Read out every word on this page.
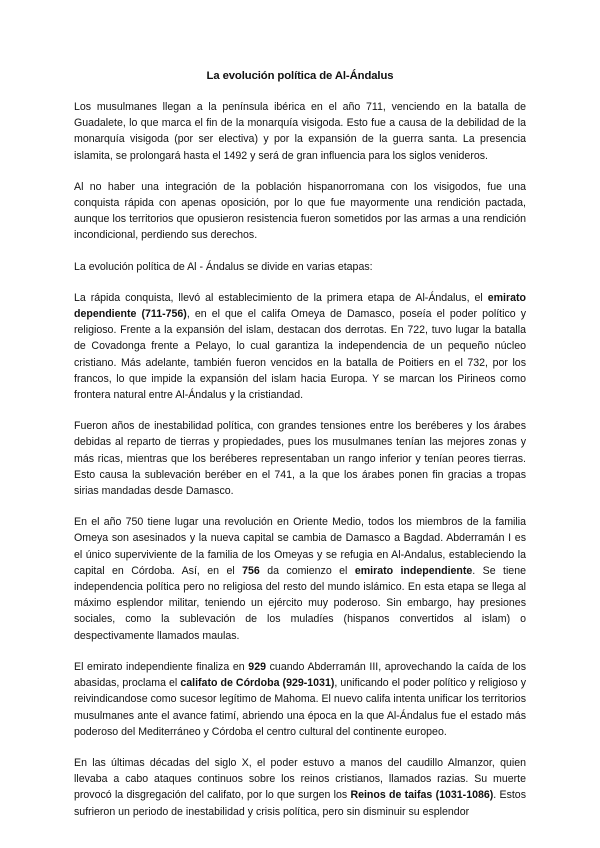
La evolución política de Al-Ándalus

Los musulmanes llegan a la península ibérica en el año 711, venciendo en la batalla de Guadalete, lo que marca el fin de la monarquía visigoda. Esto fue a causa de la debilidad de la monarquía visigoda (por ser electiva) y por la expansión de la guerra santa. La presencia islamita, se prolongará hasta el 1492 y será de gran influencia para los siglos venideros.

Al no haber una integración de la población hispanorromana con los visigodos, fue una conquista rápida con apenas oposición, por lo que fue mayormente una rendición pactada, aunque los territorios que opusieron resistencia fueron sometidos por las armas a una rendición incondicional, perdiendo sus derechos.

La evolución política de Al - Ándalus se divide en varias etapas:

La rápida conquista, llevó al establecimiento de la primera etapa de Al-Ándalus, el emirato dependiente (711-756), en el que el califa Omeya de Damasco, poseía el poder político y religioso. Frente a la expansión del islam, destacan dos derrotas. En 722, tuvo lugar la batalla de Covadonga frente a Pelayo, lo cual garantiza la independencia de un pequeño núcleo cristiano. Más adelante, también fueron vencidos en la batalla de Poitiers en el 732, por los francos, lo que impide la expansión del islam hacia Europa. Y se marcan los Pirineos como frontera natural entre Al-Ándalus y la cristiandad.

Fueron años de inestabilidad política, con grandes tensiones entre los beréberes y los árabes debidas al reparto de tierras y propiedades, pues los musulmanes tenían las mejores zonas y más ricas, mientras que los beréberes representaban un rango inferior y tenían peores tierras. Esto causa la sublevación beréber en el 741, a la que los árabes ponen fin gracias a tropas sirias mandadas desde Damasco.

En el año 750 tiene lugar una revolución en Oriente Medio, todos los miembros de la familia Omeya son asesinados y la nueva capital se cambia de Damasco a Bagdad. Abderramán I es el único superviviente de la familia de los Omeyas y se refugia en Al-Andalus, estableciendo la capital en Córdoba. Así, en el 756 da comienzo el emirato independiente. Se tiene independencia política pero no religiosa del resto del mundo islámico. En esta etapa se llega al máximo esplendor militar, teniendo un ejército muy poderoso. Sin embargo, hay presiones sociales, como la sublevación de los muladíes (hispanos convertidos al islam) o despectivamente llamados maulas.

El emirato independiente finaliza en 929 cuando Abderramán III, aprovechando la caída de los abasidas, proclama el califato de Córdoba (929-1031), unificando el poder político y religioso y reivindicandose como sucesor legítimo de Mahoma. El nuevo califa intenta unificar los territorios musulmanes ante el avance fatimí, abriendo una época en la que Al-Ándalus fue el estado más poderoso del Mediterráneo y Córdoba el centro cultural del continente europeo.

En las últimas décadas del siglo X, el poder estuvo a manos del caudillo Almanzor, quien llevaba a cabo ataques continuos sobre los reinos cristianos, llamados razias. Su muerte provocó la disgregación del califato, por lo que surgen los Reinos de taifas (1031-1086). Estos sufrieron un periodo de inestabilidad y crisis política, pero sin disminuir su esplendor
